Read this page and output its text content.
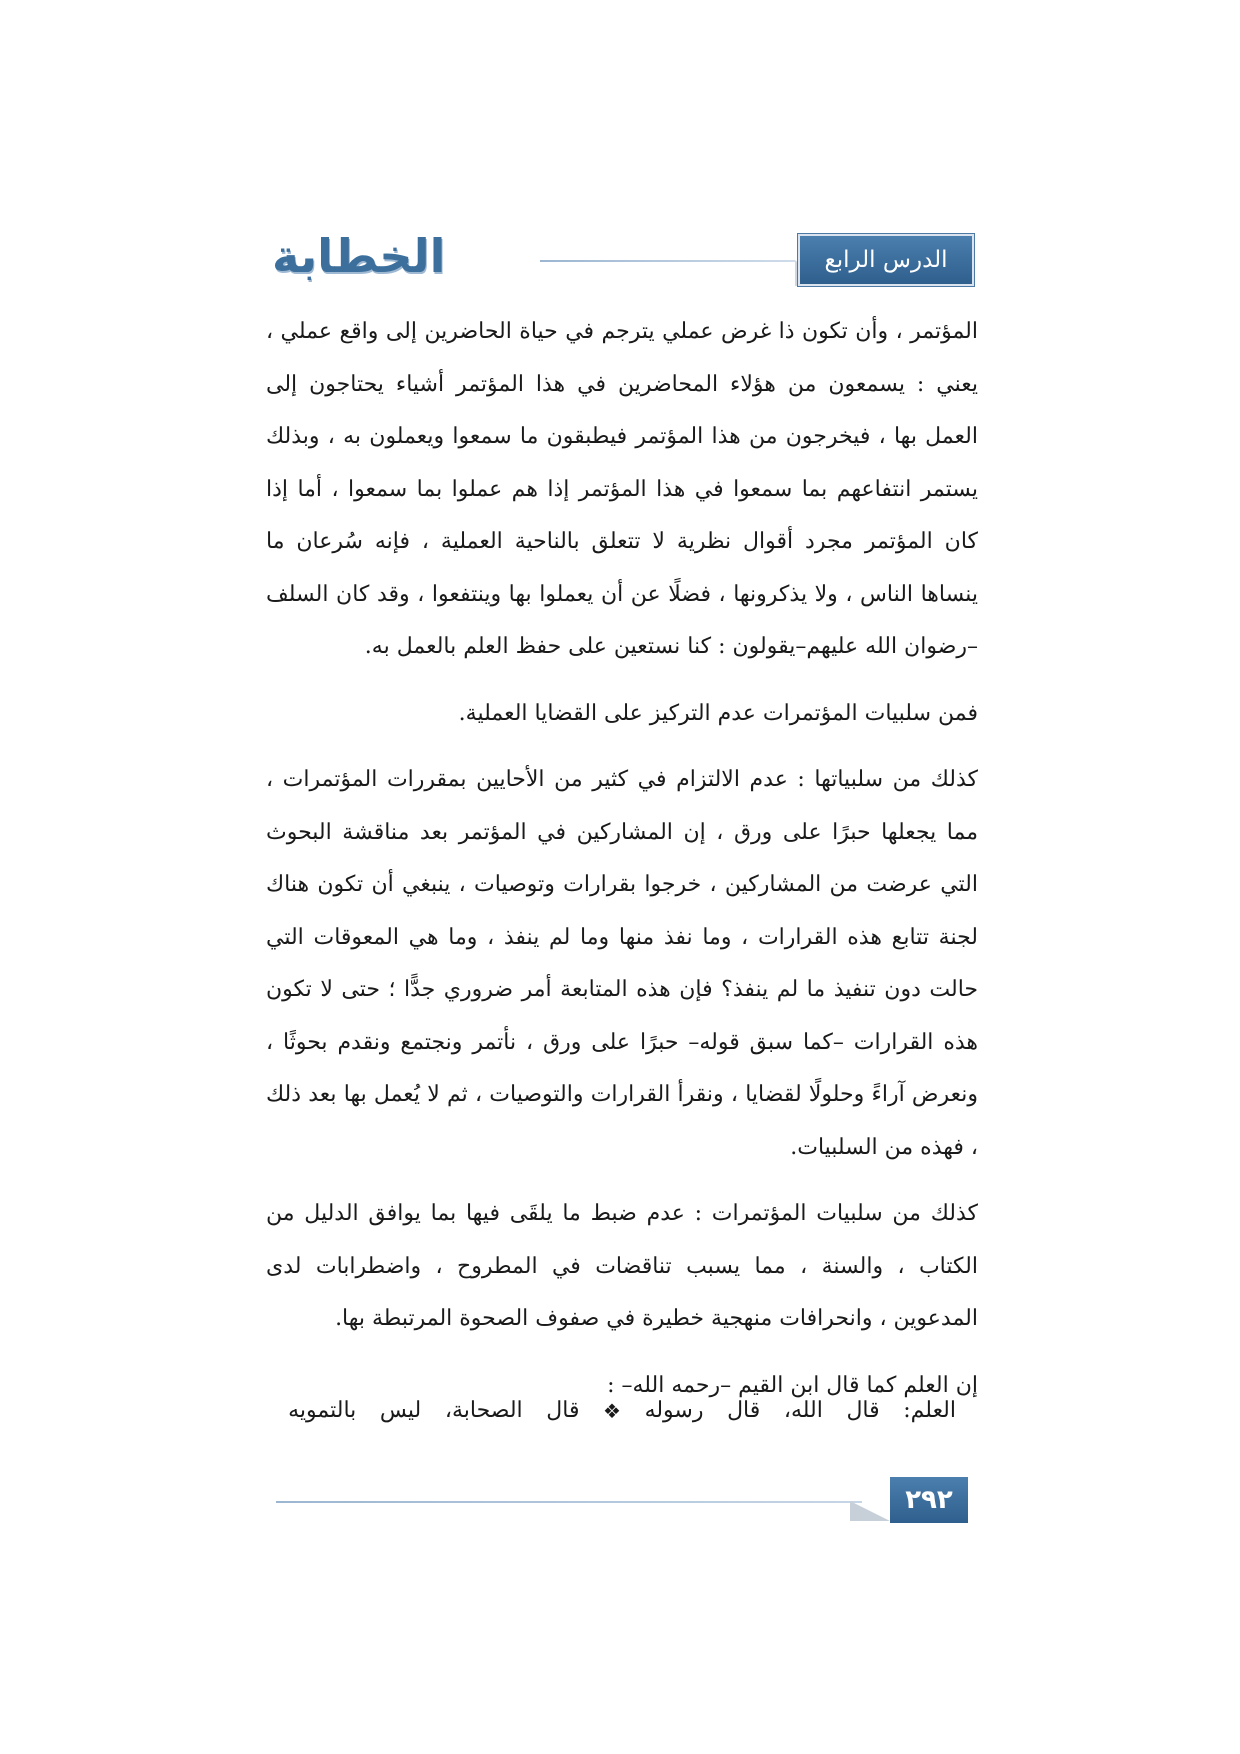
الخطابة	الدرس الرابع عشر

المؤتمر ، وأن تكون ذا غرض عملي يترجم في حياة الحاضرين إلى واقع عملي ، يعني : يسمعون من هؤلاء المحاضرين في هذا المؤتمر أشياء يحتاجون إلى العمل بها ، فيخرجون من هذا المؤتمر فيطبقون ما سمعوا ويعملون به ، وبذلك يستمر انتفاعهم بما سمعوا في هذا المؤتمر إذا هم عملوا بما سمعوا ، أما إذا كان المؤتمر مجرد أقوال نظرية لا تتعلق بالناحية العملية ، فإنه سُرعان ما ينساها الناس ، ولا يذكرونها ، فضلًا عن أن يعملوا بها وينتفعوا ، وقد كان السلف –رضوان الله عليهم–يقولون : كنا نستعين على حفظ العلم بالعمل به.

فمن سلبيات المؤتمرات عدم التركيز على القضايا العملية.

كذلك من سلبياتها : عدم الالتزام في كثير من الأحايين بمقررات المؤتمرات ، مما يجعلها حبرًا على ورق ، إن المشاركين في المؤتمر بعد مناقشة البحوث التي عرضت من المشاركين ، خرجوا بقرارات وتوصيات ، ينبغي أن تكون هناك لجنة تتابع هذه القرارات ، وما نفذ منها وما لم ينفذ ، وما هي المعوقات التي حالت دون تنفيذ ما لم ينفذ؟ فإن هذه المتابعة أمر ضروري جدًّا ؛ حتى لا تكون هذه القرارات –كما سبق قوله– حبرًا على ورق ، نأتمر ونجتمع ونقدم بحوثًا ، ونعرض آراءً وحلولًا لقضايا ، ونقرأ القرارات والتوصيات ، ثم لا يُعمل بها بعد ذلك ، فهذه من السلبيات.

كذلك من سلبيات المؤتمرات : عدم ضبط ما يلقَى فيها بما يوافق الدليل من الكتاب ، والسنة ، مما يسبب تناقضات في المطروح ، واضطرابات لدى المدعوين ، وانحرافات منهجية خطيرة في صفوف الصحوة المرتبطة بها.

إن العلم كما قال ابن القيم –رحمه الله– :

العلم:
قال
الله،
قال
رسوله
❖
قال
الصحابة،
ليس
بالتمويه
٢٩٢
